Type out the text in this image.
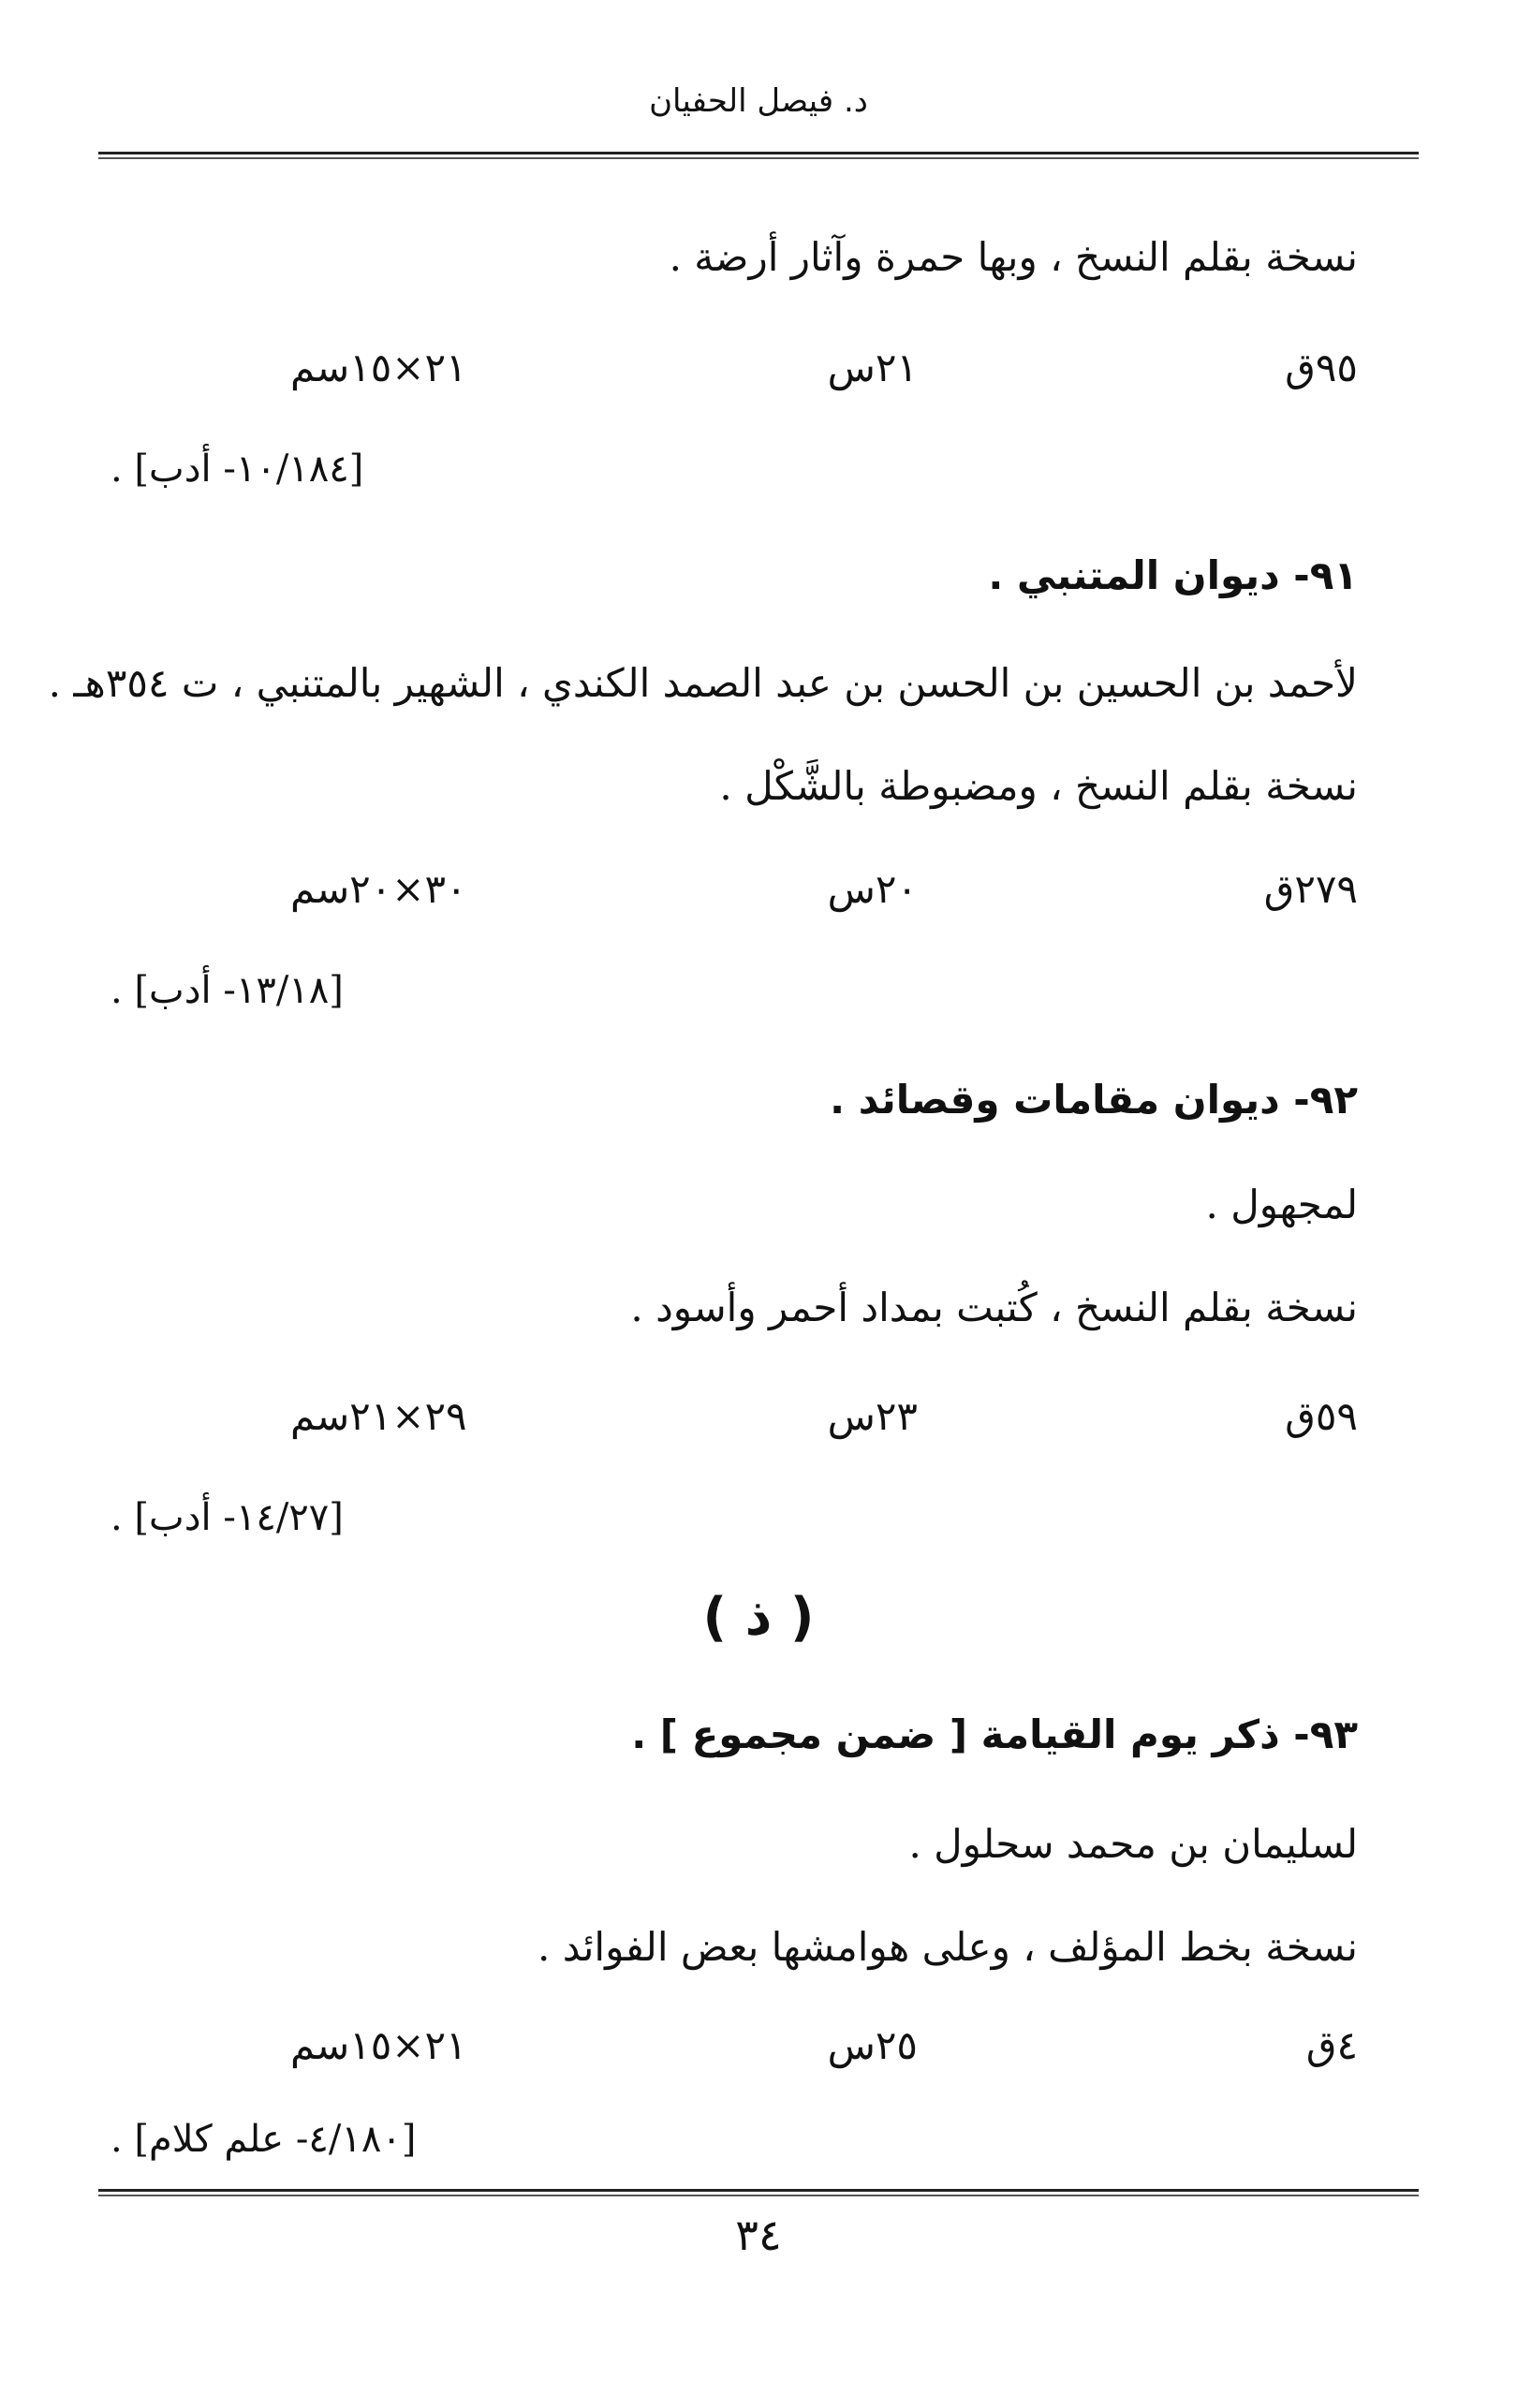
د. فيصل الحفيان
نسخة بقلم النسخ ، وبها حمرة وآثار أرضة .
٩٥ق
٢١س
٢١×١٥سم
[١٠/١٨٤- أدب] .
٩١- ديوان المتنبي .
لأحمد بن الحسين بن الحسن بن عبد الصمد الكندي ، الشهير بالمتنبي ، ت ٣٥٤هـ .
نسخة بقلم النسخ ، ومضبوطة بالشَّكْل .
٢٧٩ق
٢٠س
٣٠×٢٠سم
[١٣/١٨- أدب] .
٩٢- ديوان مقامات وقصائد .
لمجهول .
نسخة بقلم النسخ ، كُتبت بمداد أحمر وأسود .
٥٩ق
٢٣س
٢٩×٢١سم
[١٤/٢٧- أدب] .
( ذ )
٩٣- ذكر يوم القيامة [ ضمن مجموع ] .
لسليمان بن محمد سحلول .
نسخة بخط المؤلف ، وعلى هوامشها بعض الفوائد .
٤ق
٢٥س
٢١×١٥سم
[٤/١٨٠- علم كلام] .
٣٤
